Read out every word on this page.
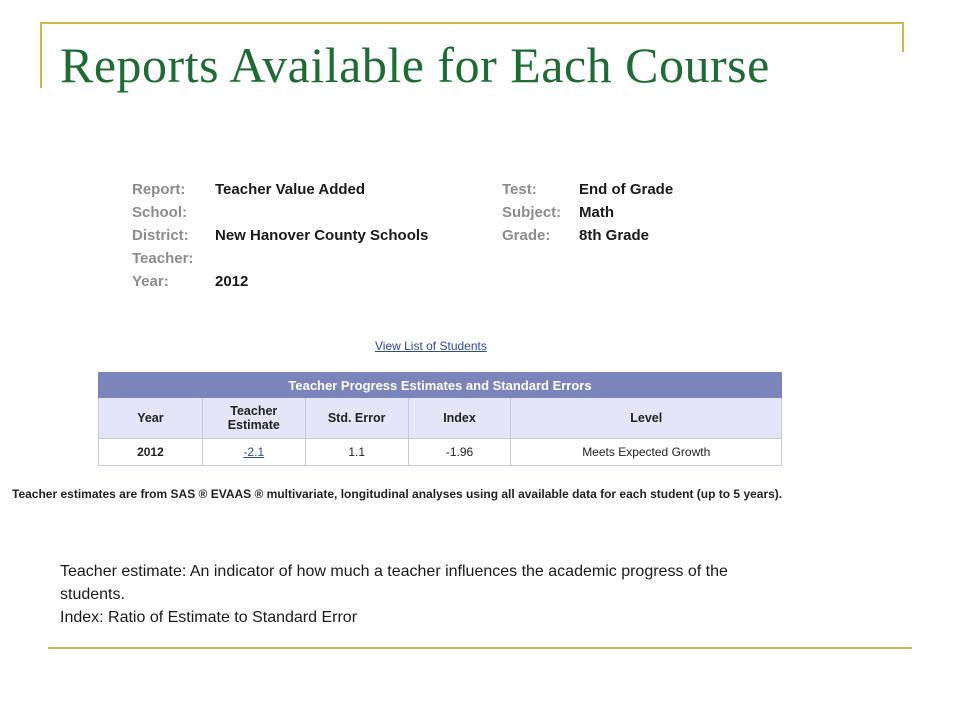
Reports Available for Each Course
Report: Teacher Value Added
School:
District: New Hanover County Schools
Teacher:
Year:	2012
Test:	End of Grade
Subject: Math
Grade: 8th Grade
View List of Students
Teacher Progress Estimates and Standard Errors				
Year	Teacher Estimate	Std. Error	Index	Level
2012	-2.1	1.1	-1.96	Meets Expected Growth
Teacher estimates are from SAS ® EVAAS ® multivariate, longitudinal analyses using all available data for each student (up to 5 years).
Teacher estimate: An indicator of how much a teacher influences the academic progress of the
students.
Index: Ratio of Estimate to Standard Error
